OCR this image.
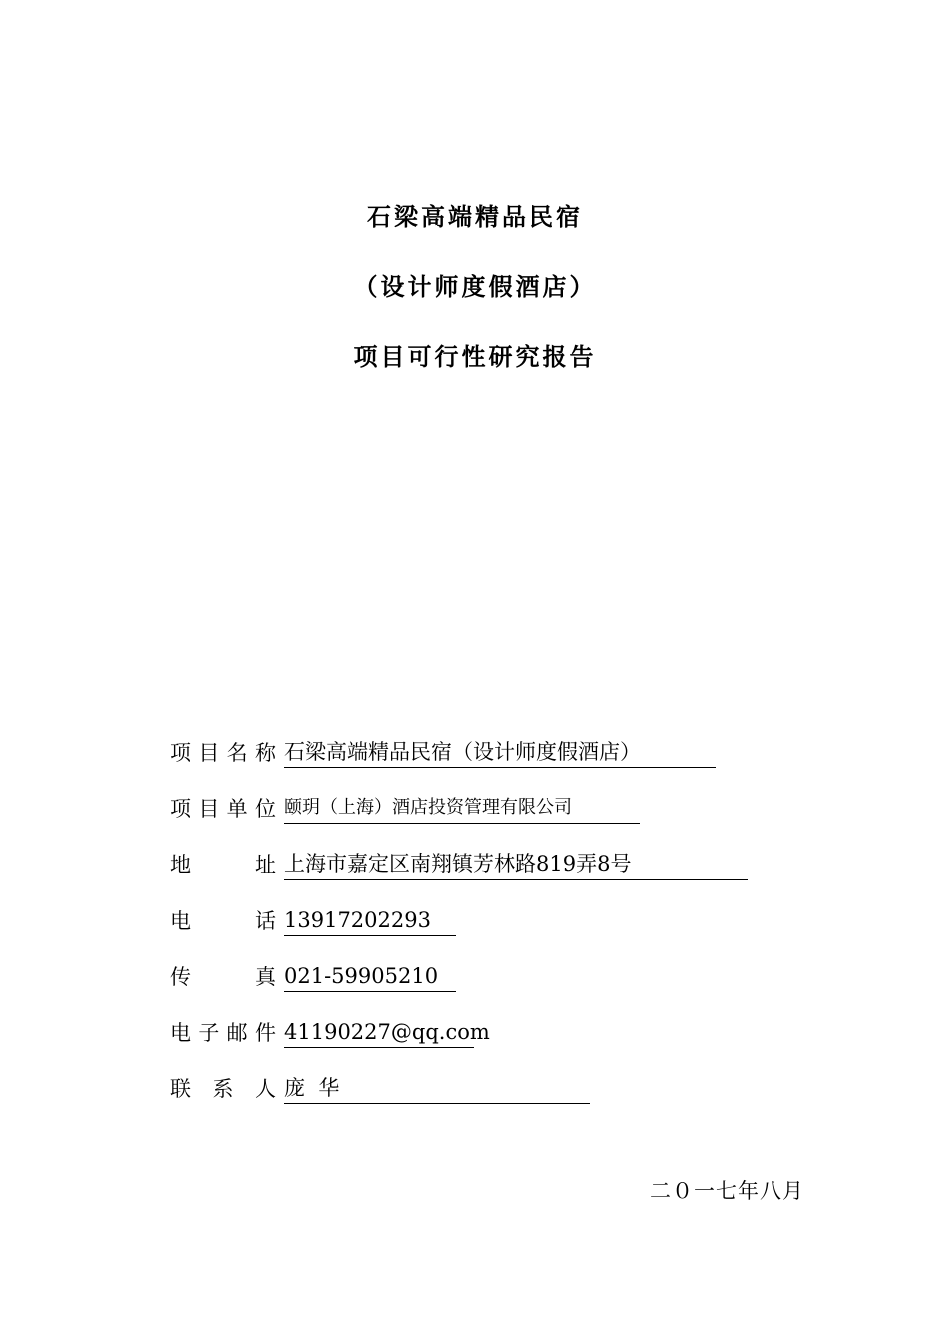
石梁高端精品民宿
（设计师度假酒店）
项目可行性研究报告
项 目 名 称 石梁高端精品民宿（设计师度假酒店）
项 目 单 位 颐玥（上海）酒店投资管理有限公司
地	址 上海市嘉定区南翔镇芳林路819弄8号
电	话 13917202293
传	真 021-59905210
电 子 邮 件 41190227@qq.com
联 系 人 庞  华
二０一七年八月
